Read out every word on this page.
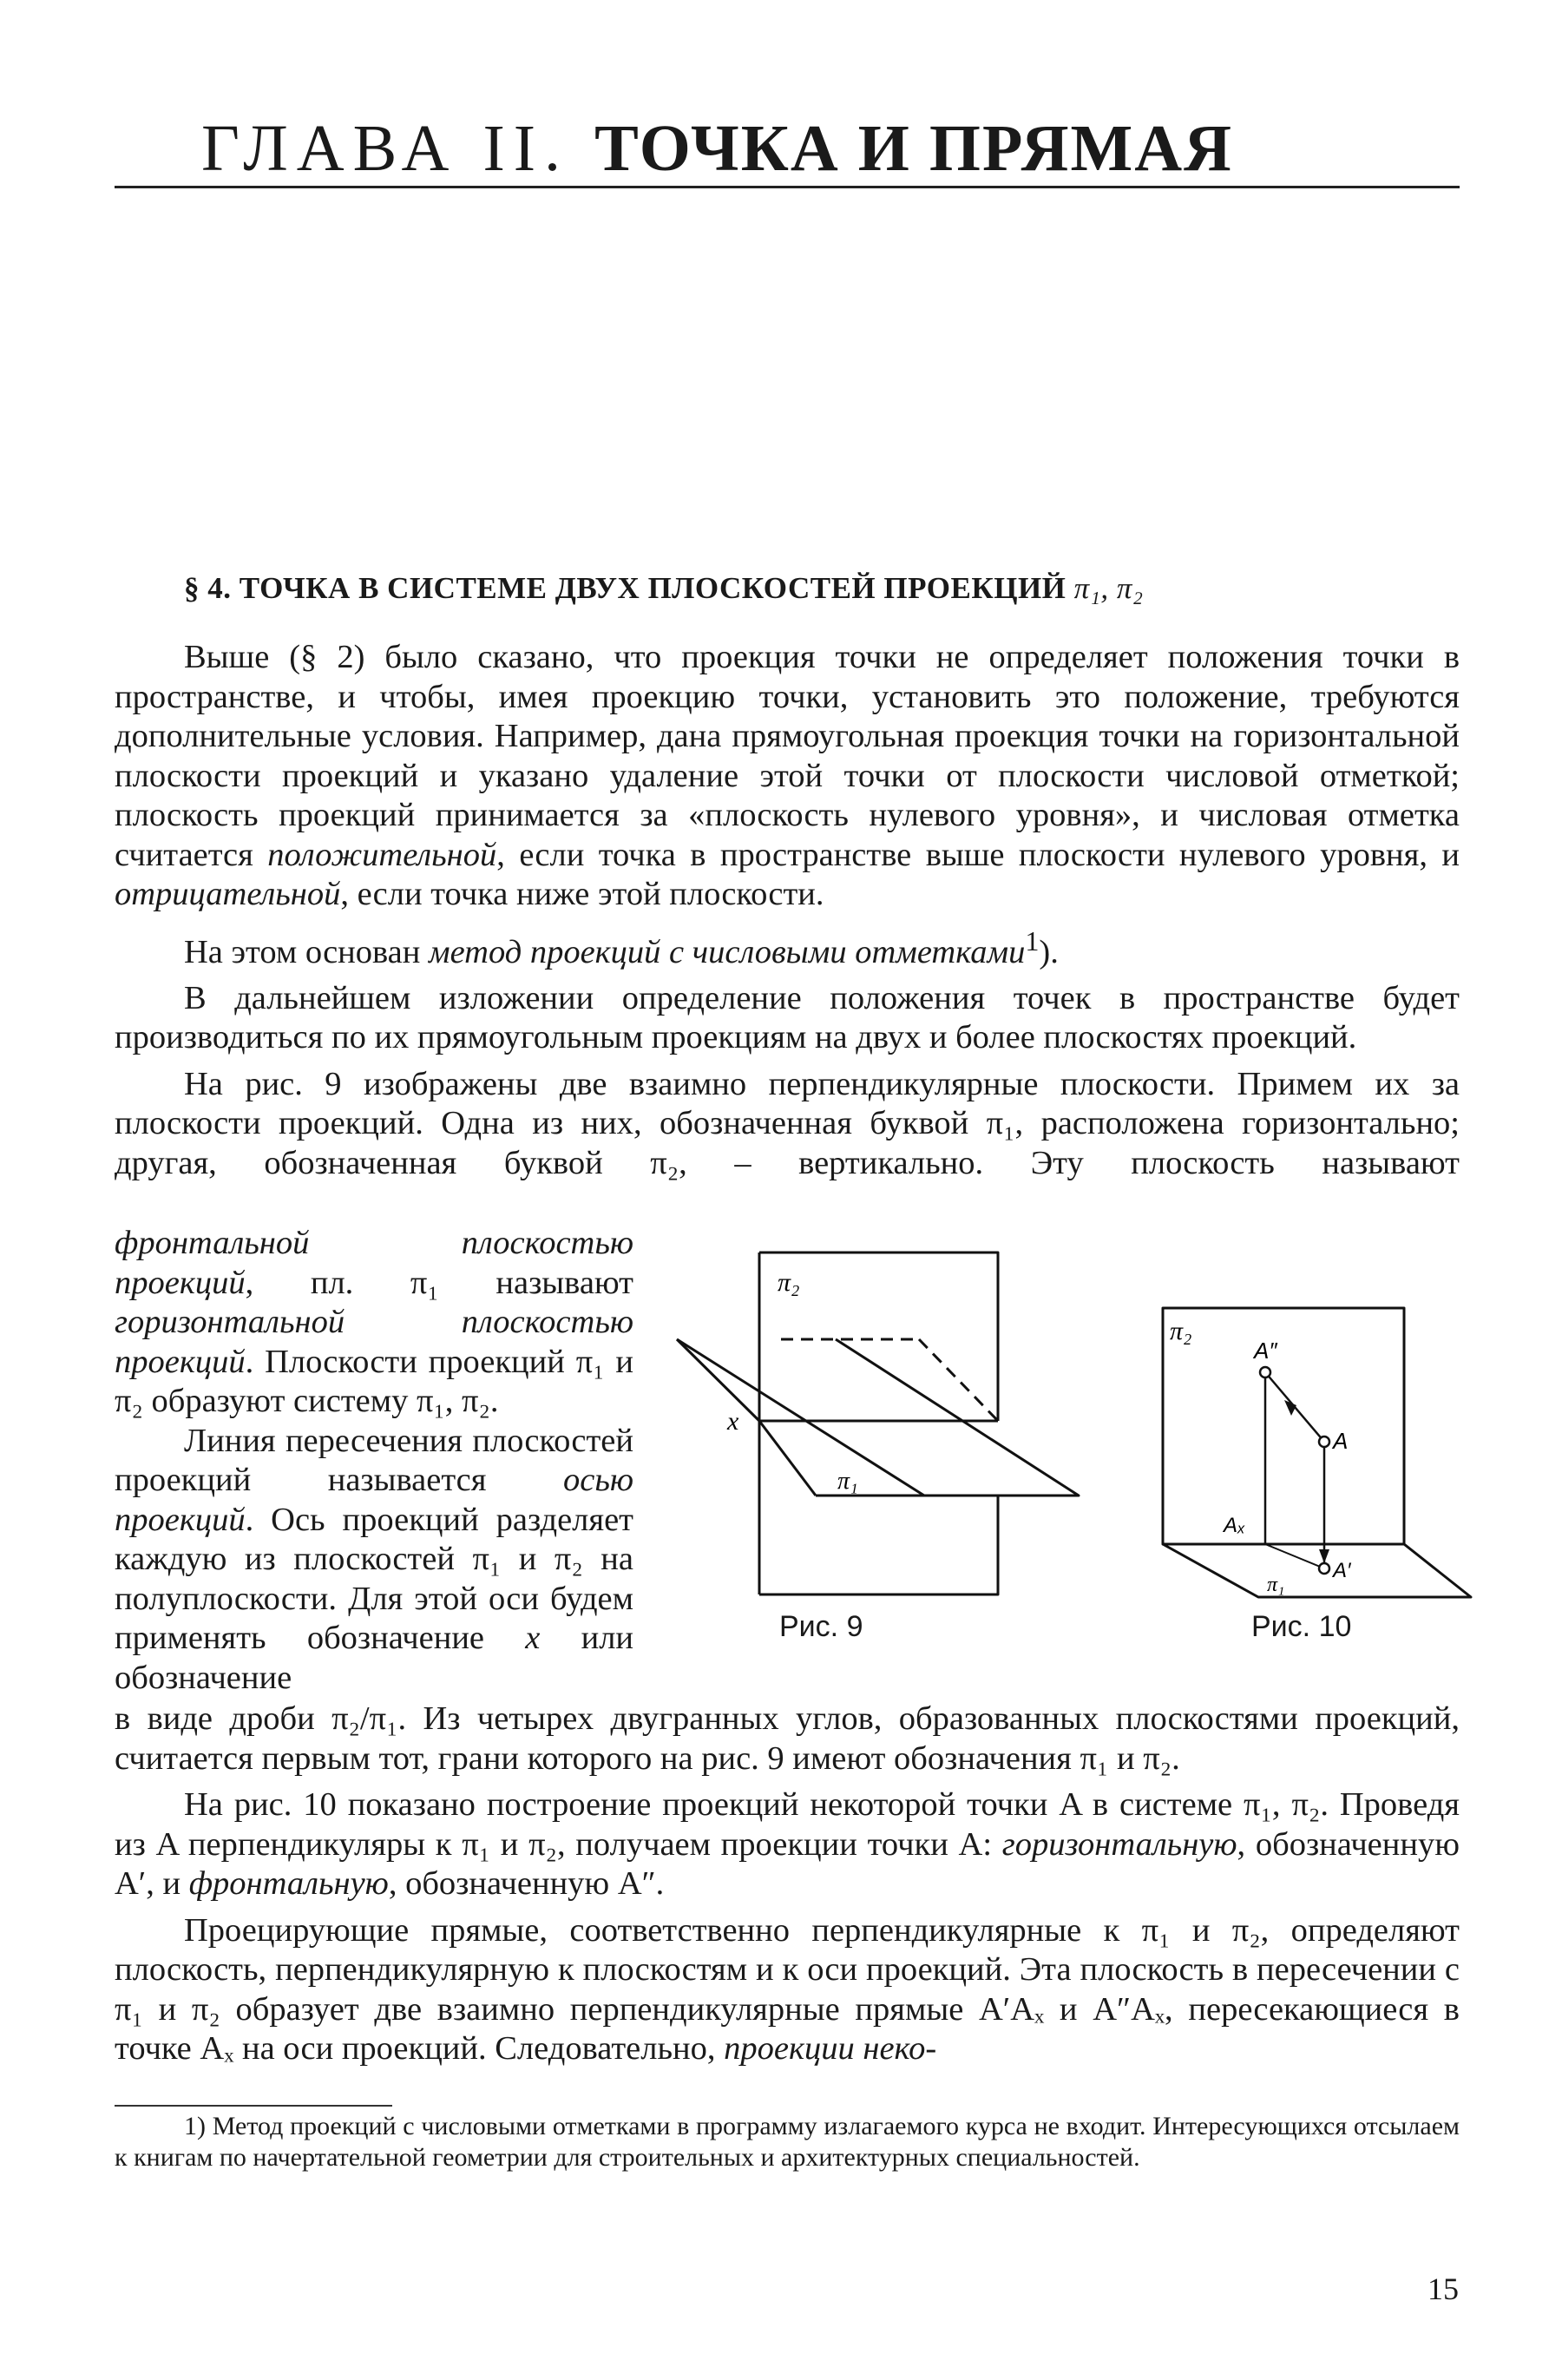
ГЛАВА II. ТОЧКА И ПРЯМАЯ
§ 4. ТОЧКА В СИСТЕМЕ ДВУХ ПЛОСКОСТЕЙ ПРОЕКЦИЙ π₁, π₂

Выше (§ 2) было сказано, что проекция точки не определяет положения точки в пространстве, и чтобы, имея проекцию точки, установить это положение, требуются дополнительные условия. Например, дана прямоугольная проекция точки на горизонтальной плоскости проекций и указано удаление этой точки от плоскости числовой отметкой; плоскость проекций принимается за «плоскость нулевого уровня», и числовая отметка считается положительной, если точка в пространстве выше плоскости нулевого уровня, и отрицательной, если точка ниже этой плоскости.

На этом основан метод проекций с числовыми отметками$^1$).

В дальнейшем изложении определение положения точек в пространстве будет производиться по их прямоугольным проекциям на двух и более плоскостях проекций.

На рис. 9 изображены две взаимно перпендикулярные плоскости. Примем их за плоскости проекций. Одна из них, обозначенная буквой π₁, расположена горизонтально; другая, обозначенная буквой π₂, – вертикально. Эту плоскость называют

фронтальной плоскостью проекций, пл. π₁ называют горизонтальной плоскостью проекций. Плоскости проекций π₁ и π₂ образуют систему π₁, π₂.

Линия пересечения плоскостей проекций называется осью проекций. Ось проекций разделяет каждую из плоскостей π₁ и π₂ на полуплоскости. Для этой оси будем применять обозначение x или обозначение

в виде дроби π₂/π₁. Из четырех двугранных углов, образованных плоскостями проекций, считается первым тот, грани которого на рис. 9 имеют обозначения π₁ и π₂.

На рис. 10 показано построение проекций некоторой точки A в системе π₁, π₂. Проведя из A перпендикуляры к π₁ и π₂, получаем проекции точки A: горизонтальную, обозначенную A′, и фронтальную, обозначенную A″.

Проецирующие прямые, соответственно перпендикулярные к π₁ и π₂, определяют плоскость, перпендикулярную к плоскостям и к оси проекций. Эта плоскость в пересечении с π₁ и π₂ образует две взаимно перпендикулярные прямые A′Aₓ и A″Aₓ, пересекающиеся в точке Aₓ на оси проекций. Следовательно, проекции неко-

π₂
π₁
x
Рис. 9
π₂
A″
A
Aₓ
π₁
A′
Рис. 10

1) Метод проекций с числовыми отметками в программу излагаемого курса не входит. Интересующихся отсылаем к книгам по начертательной геометрии для строительных и архитектурных специальностей.

15
